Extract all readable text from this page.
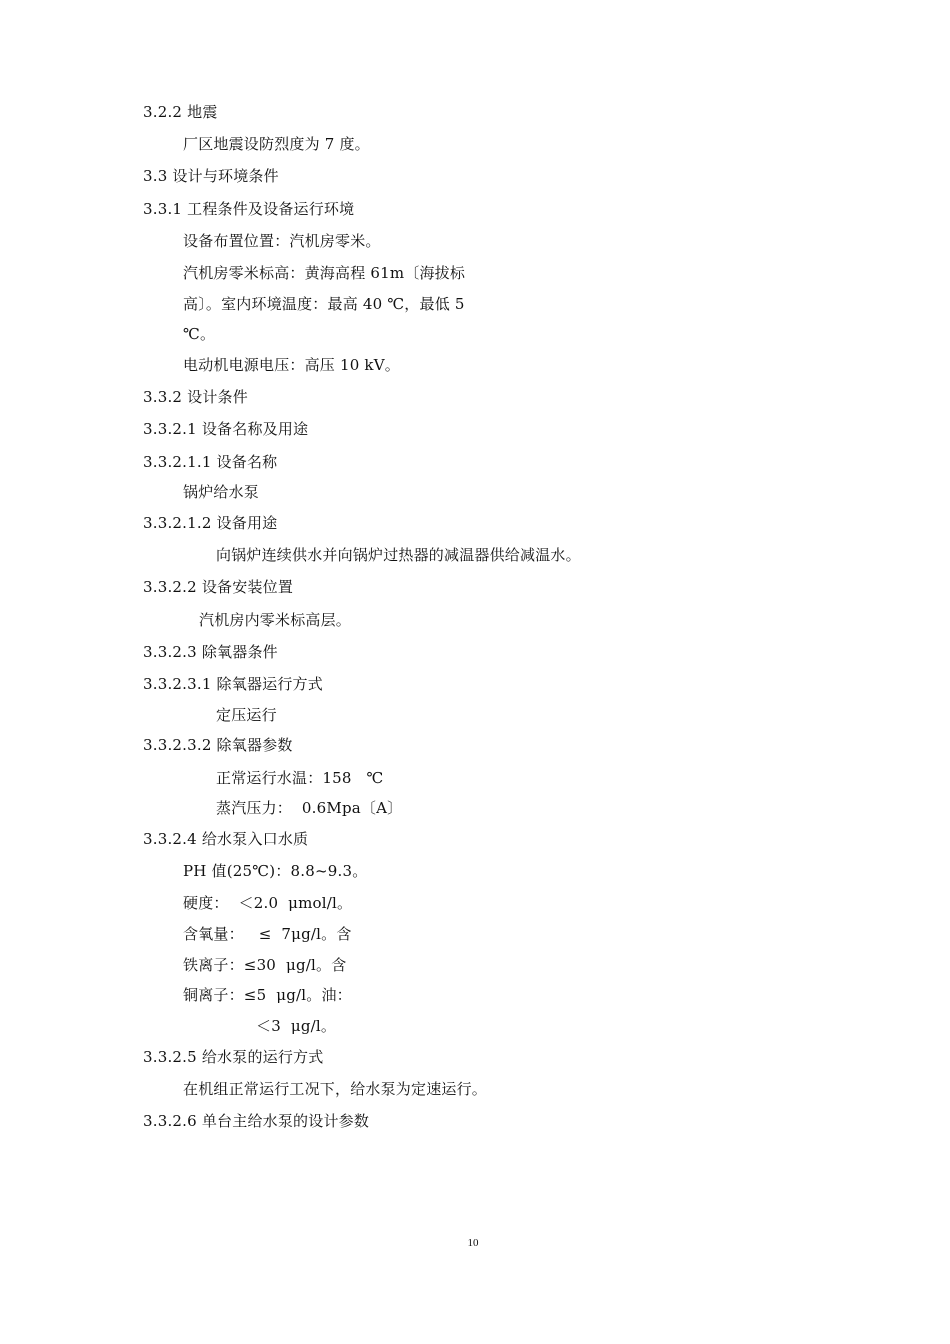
3.2.2 地震
厂区地震设防烈度为 7 度。
3.3 设计与环境条件
3.3.1 工程条件及设备运行环境
设备布置位置：汽机房零米。
汽机房零米标高：黄海高程 61m〔海拔标
高〕。室内环境温度：最高 40 ℃，最低 5
℃。
电动机电源电压：高压 10 kV。
3.3.2 设计条件
3.3.2.1 设备名称及用途
3.3.2.1.1 设备名称
锅炉给水泵
3.3.2.1.2 设备用途
向锅炉连续供水并向锅炉过热器的减温器供给减温水。
3.3.2.2 设备安装位置
汽机房内零米标高层。
3.3.2.3 除氧器条件
3.3.2.3.1 除氧器运行方式
定压运行
3.3.2.3.2 除氧器参数
正常运行水温：158   ℃
蒸汽压力：  0.6Mpa〔A〕
3.3.2.4 给水泵入口水质
PH 值(25℃)：8.8~9.3。
硬度：  ＜2.0  μmol/l。
含氧量：   ≤  7μg/l。含
铁离子：≤30  μg/l。含
铜离子：≤5  μg/l。油：
＜3  μg/l。
3.3.2.5 给水泵的运行方式
在机组正常运行工况下，给水泵为定速运行。
3.3.2.6 单台主给水泵的设计参数
10
